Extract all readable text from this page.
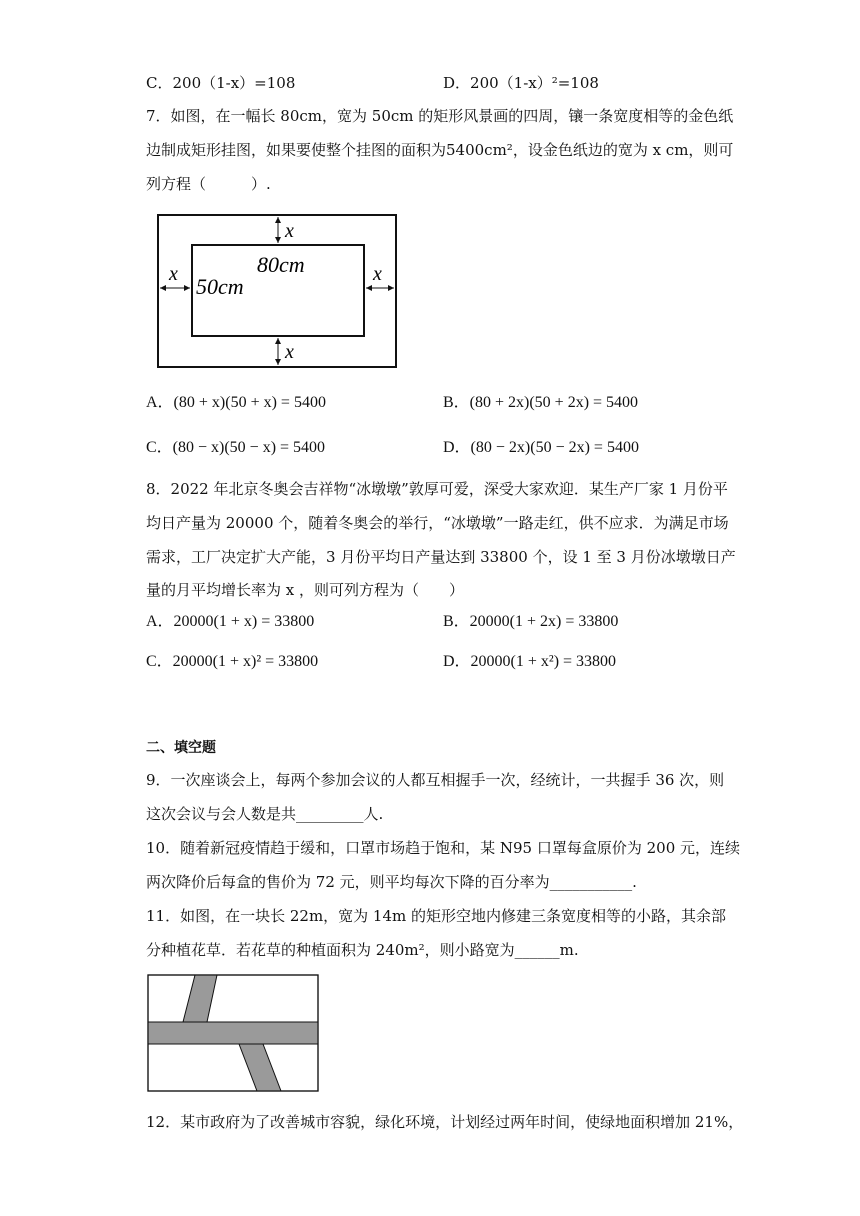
C．200（1-x）=108	D．200（1-x）²=108
7．如图，在一幅长 80cm，宽为 50cm 的矩形风景画的四周，镶一条宽度相等的金色纸
边制成矩形挂图，如果要使整个挂图的面积为5400cm²，设金色纸边的宽为 x cm，则可
列方程（　　　）.
x
x
x	x
80cm
50cm
A．(80 + x)(50 + x) = 5400	B．(80 + 2x)(50 + 2x) = 5400
C．(80 − x)(50 − x) = 5400	D．(80 − 2x)(50 − 2x) = 5400
8．2022 年北京冬奥会吉祥物“冰墩墩”敦厚可爱，深受大家欢迎．某生产厂家 1 月份平
均日产量为 20000 个，随着冬奥会的举行，“冰墩墩”一路走红，供不应求．为满足市场
需求，工厂决定扩大产能，3 月份平均日产量达到 33800 个，设 1 至 3 月份冰墩墩日产
量的月平均增长率为 x ，则可列方程为（　　）
A．20000(1 + x) = 33800	B．20000(1 + 2x) = 33800
C．20000(1 + x)² = 33800	D．20000(1 + x²) = 33800
二、填空题
9．一次座谈会上，每两个参加会议的人都互相握手一次，经统计，一共握手 36 次，则
这次会议与会人数是共_________人.
10．随着新冠疫情趋于缓和，口罩市场趋于饱和，某 N95 口罩每盒原价为 200 元，连续
两次降价后每盒的售价为 72 元，则平均每次下降的百分率为___________.
11．如图，在一块长 22m，宽为 14m 的矩形空地内修建三条宽度相等的小路，其余部
分种植花草．若花草的种植面积为 240m²，则小路宽为______m.
12．某市政府为了改善城市容貌，绿化环境，计划经过两年时间，使绿地面积增加 21%，
